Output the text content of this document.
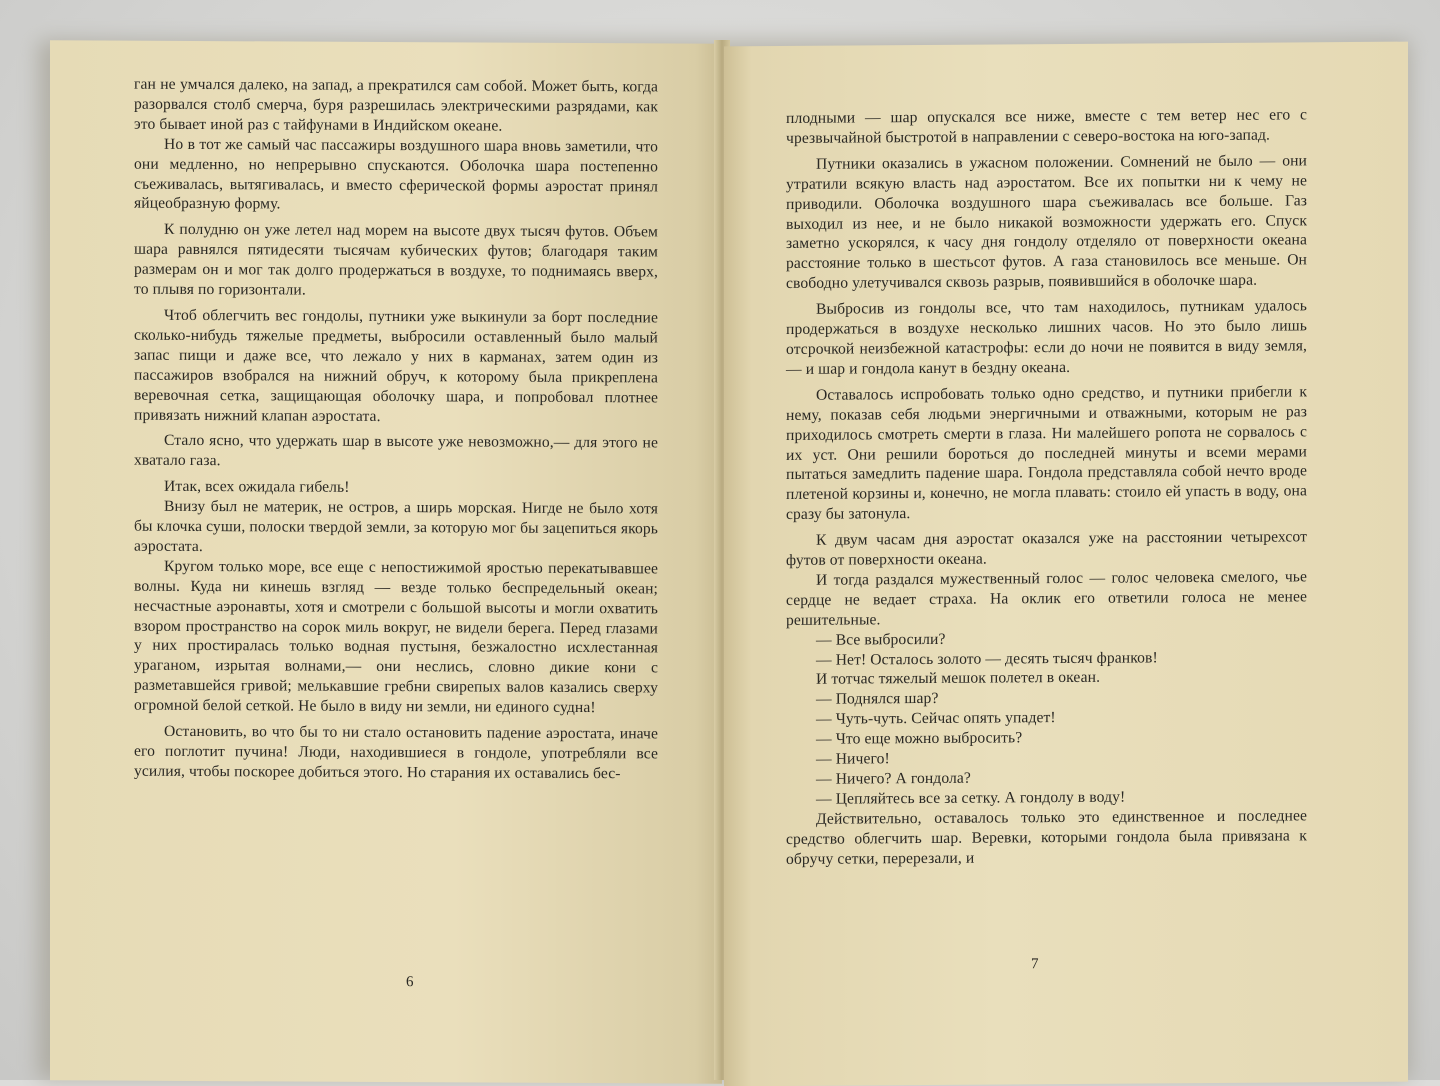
ган не умчался далеко, на запад, а прекратился сам собой. Может быть, когда разорвался столб смерча, буря разрешилась электрическими разрядами, как это бывает иной раз с тайфунами в Индийском океане.

Но в тот же самый час пассажиры воздушного шара вновь заметили, что они медленно, но непрерывно спускаются. Оболочка шара постепенно съеживалась, вытягивалась, и вместо сферической формы аэростат принял яйцеобразную форму.

К полудню он уже летел над морем на высоте двух тысяч футов. Объем шара равнялся пятидесяти тысячам кубических футов; благодаря таким размерам он и мог так долго продержаться в воздухе, то поднимаясь вверх, то плывя по горизонтали.

Чтоб облегчить вес гондолы, путники уже выкинули за борт последние сколько-нибудь тяжелые предметы, выбросили оставленный было малый запас пищи и даже все, что лежало у них в карманах, затем один из пассажиров взобрался на нижний обруч, к которому была прикреплена веревочная сетка, защищающая оболочку шара, и попробовал плотнее привязать нижний клапан аэростата.

Стало ясно, что удержать шар в высоте уже невозможно,— для этого не хватало газа.

Итак, всех ожидала гибель!

Внизу был не материк, не остров, а ширь морская. Нигде не было хотя бы клочка суши, полоски твердой земли, за которую мог бы зацепиться якорь аэростата.

Кругом только море, все еще с непостижимой яростью перекатывавшее волны. Куда ни кинешь взгляд — везде только беспредельный океан; несчастные аэронавты, хотя и смотрели с большой высоты и могли охватить взором пространство на сорок миль вокруг, не видели берега. Перед глазами у них простиралась только водная пустыня, безжалостно исхлестанная ураганом, изрытая волнами,— они неслись, словно дикие кони с разметавшейся гривой; мелькавшие гребни свирепых валов казались сверху огромной белой сеткой. Не было в виду ни земли, ни единого судна!

Остановить, во что бы то ни стало остановить падение аэростата, иначе его поглотит пучина! Люди, находившиеся в гондоле, употребляли все усилия, чтобы поскорее добиться этого. Но старания их оставались бес-

6

плодными — шар опускался все ниже, вместе с тем ветер нес его с чрезвычайной быстротой в направлении с северо-востока на юго-запад.

Путники оказались в ужасном положении. Сомнений не было — они утратили всякую власть над аэростатом. Все их попытки ни к чему не приводили. Оболочка воздушного шара съеживалась все больше. Газ выходил из нее, и не было никакой возможности удержать его. Спуск заметно ускорялся, к часу дня гондолу отделяло от поверхности океана расстояние только в шестьсот футов. А газа становилось все меньше. Он свободно улетучивался сквозь разрыв, появившийся в оболочке шара.

Выбросив из гондолы все, что там находилось, путникам удалось продержаться в воздухе несколько лишних часов. Но это было лишь отсрочкой неизбежной катастрофы: если до ночи не появится в виду земля,— и шар и гондола канут в бездну океана.

Оставалось испробовать только одно средство, и путники прибегли к нему, показав себя людьми энергичными и отважными, которым не раз приходилось смотреть смерти в глаза. Ни малейшего ропота не сорвалось с их уст. Они решили бороться до последней минуты и всеми мерами пытаться замедлить падение шара. Гондола представляла собой нечто вроде плетеной корзины и, конечно, не могла плавать: стоило ей упасть в воду, она сразу бы затонула.

К двум часам дня аэростат оказался уже на расстоянии четырехсот футов от поверхности океана.

И тогда раздался мужественный голос — голос человека смелого, чье сердце не ведает страха. На оклик его ответили голоса не менее решительные.

— Все выбросили?

— Нет! Осталось золото — десять тысяч франков!

И тотчас тяжелый мешок полетел в океан.

— Поднялся шар?

— Чуть-чуть. Сейчас опять упадет!

— Что еще можно выбросить?

— Ничего!

— Ничего? А гондола?

— Цепляйтесь все за сетку. А гондолу в воду!

Действительно, оставалось только это единственное и последнее средство облегчить шар. Веревки, которыми гондола была привязана к обручу сетки, перерезали, и

7
